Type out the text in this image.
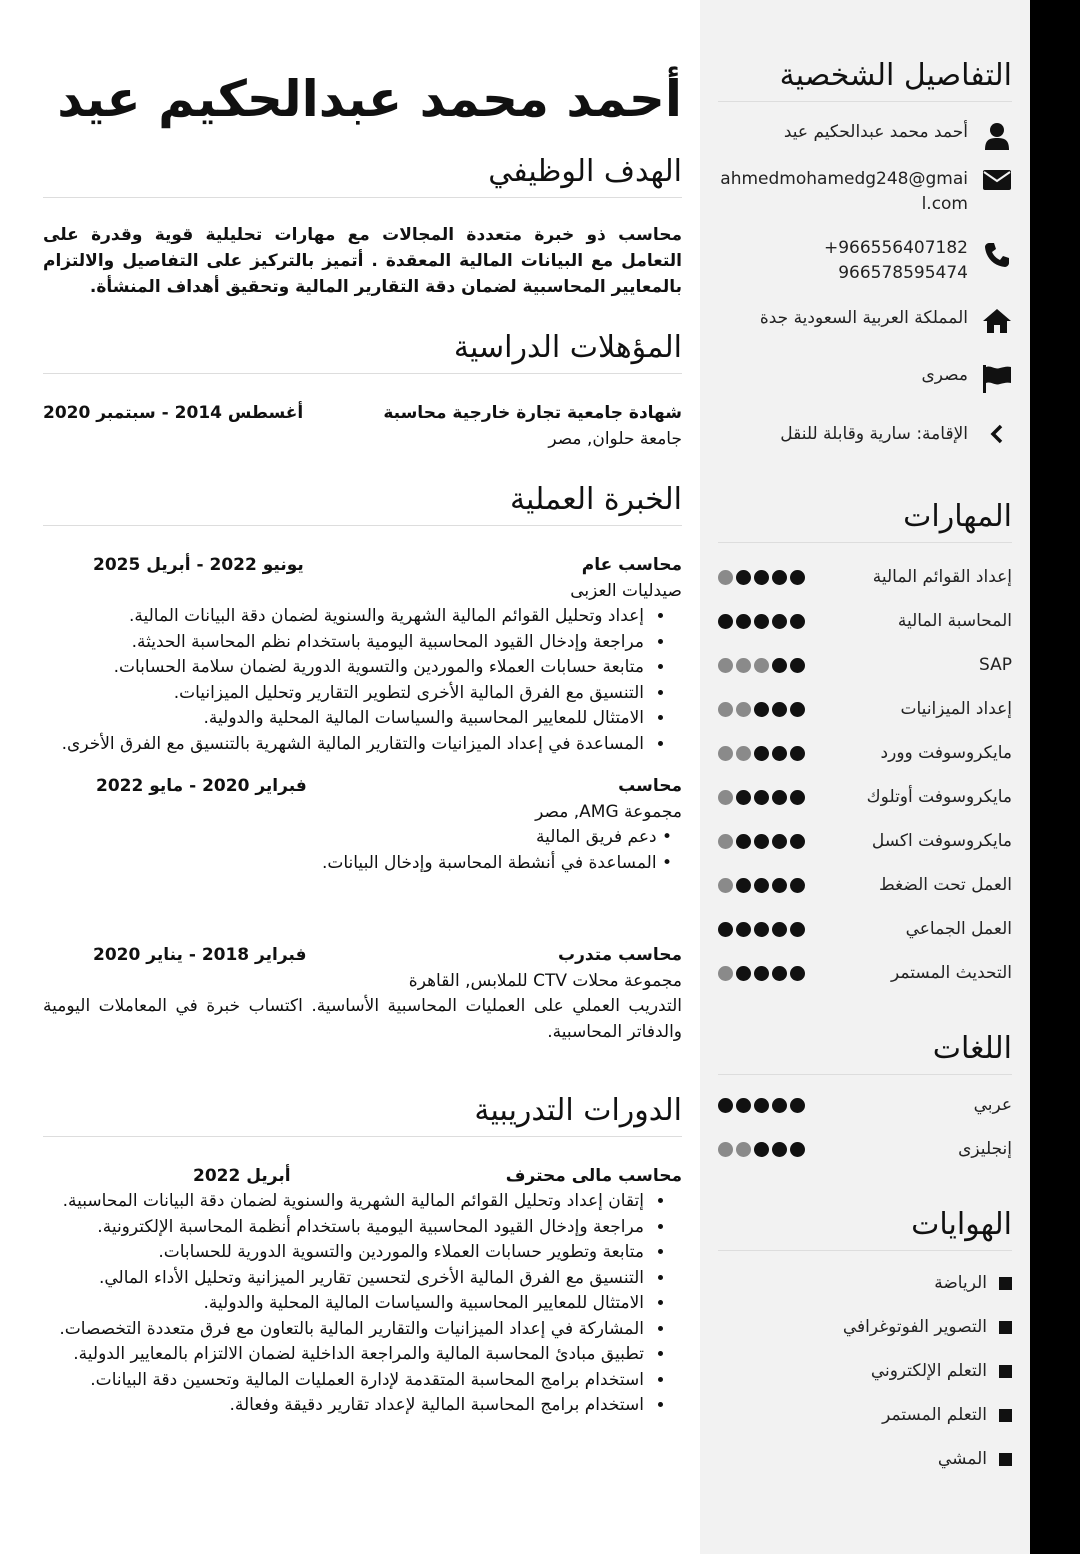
التفاصيل الشخصية
أحمد محمد عبدالحكيم عيد
ahmedmohamedg248@gmail.com
+966556407182
966578595474
المملكة العربية السعودية جدة
مصرى
الإقامة: سارية وقابلة للنقل
المهارات
إعداد القوائم المالية
المحاسبة المالية
SAP
إعداد الميزانيات
مايكروسوفت وورد
مايكروسوفت أوتلوك
مايكروسوفت اكسل
العمل تحت الضغط
العمل الجماعي
التحديث المستمر
اللغات
عربي
إنجليزى
الهوايات
الرياضة
التصوير الفوتوغرافي
التعلم الإلكتروني
التعلم المستمر
المشي
أحمد محمد عبدالحكيم عيد
الهدف الوظيفي

محاسب ذو خبرة متعددة المجالات مع مهارات تحليلية قوية وقدرة على التعامل مع البيانات المالية المعقدة . أتميز بالتركيز على التفاصيل والالتزام بالمعايير المحاسبية لضمان دقة التقارير المالية وتحقيق أهداف المنشأة.

المؤهلات الدراسية
شهادة جامعية تجارة خارجية محاسبة
أغسطس 2014 - سبتمبر 2020
جامعة حلوان, مصر
الخبرة العملية
محاسب عام
يونيو 2022 - أبريل 2025
صيدليات العزبى
• إعداد وتحليل القوائم المالية الشهرية والسنوية لضمان دقة البيانات المالية.
• مراجعة وإدخال القيود المحاسبية اليومية باستخدام نظم المحاسبة الحديثة.
• متابعة حسابات العملاء والموردين والتسوية الدورية لضمان سلامة الحسابات.
• التنسيق مع الفرق المالية الأخرى لتطوير التقارير وتحليل الميزانيات.
• الامتثال للمعايير المحاسبية والسياسات المالية المحلية والدولية.
• المساعدة في إعداد الميزانيات والتقارير المالية الشهرية بالتنسيق مع الفرق الأخرى.
محاسب
فبراير 2020 - مايو 2022
مجموعة AMG, مصر
• دعم فريق المالية
• المساعدة في أنشطة المحاسبة وإدخال البيانات.
محاسب متدرب
فبراير 2018 - يناير 2020
مجموعة محلات CTV للملابس, القاهرة

التدريب العملي على العمليات المحاسبية الأساسية. اكتساب خبرة في المعاملات اليومية والدفاتر المحاسبية.

الدورات التدريبية
محاسب مالى محترف
أبريل 2022
• إتقان إعداد وتحليل القوائم المالية الشهرية والسنوية لضمان دقة البيانات المحاسبية.
• مراجعة وإدخال القيود المحاسبية اليومية باستخدام أنظمة المحاسبة الإلكترونية.
• متابعة وتطوير حسابات العملاء والموردين والتسوية الدورية للحسابات.
• التنسيق مع الفرق المالية الأخرى لتحسين تقارير الميزانية وتحليل الأداء المالي.
• الامتثال للمعايير المحاسبية والسياسات المالية المحلية والدولية.
• المشاركة في إعداد الميزانيات والتقارير المالية بالتعاون مع فرق متعددة التخصصات.
• تطبيق مبادئ المحاسبة المالية والمراجعة الداخلية لضمان الالتزام بالمعايير الدولية.
• استخدام برامج المحاسبة المتقدمة لإدارة العمليات المالية وتحسين دقة البيانات.
• استخدام برامج المحاسبة المالية لإعداد تقارير دقيقة وفعالة.
